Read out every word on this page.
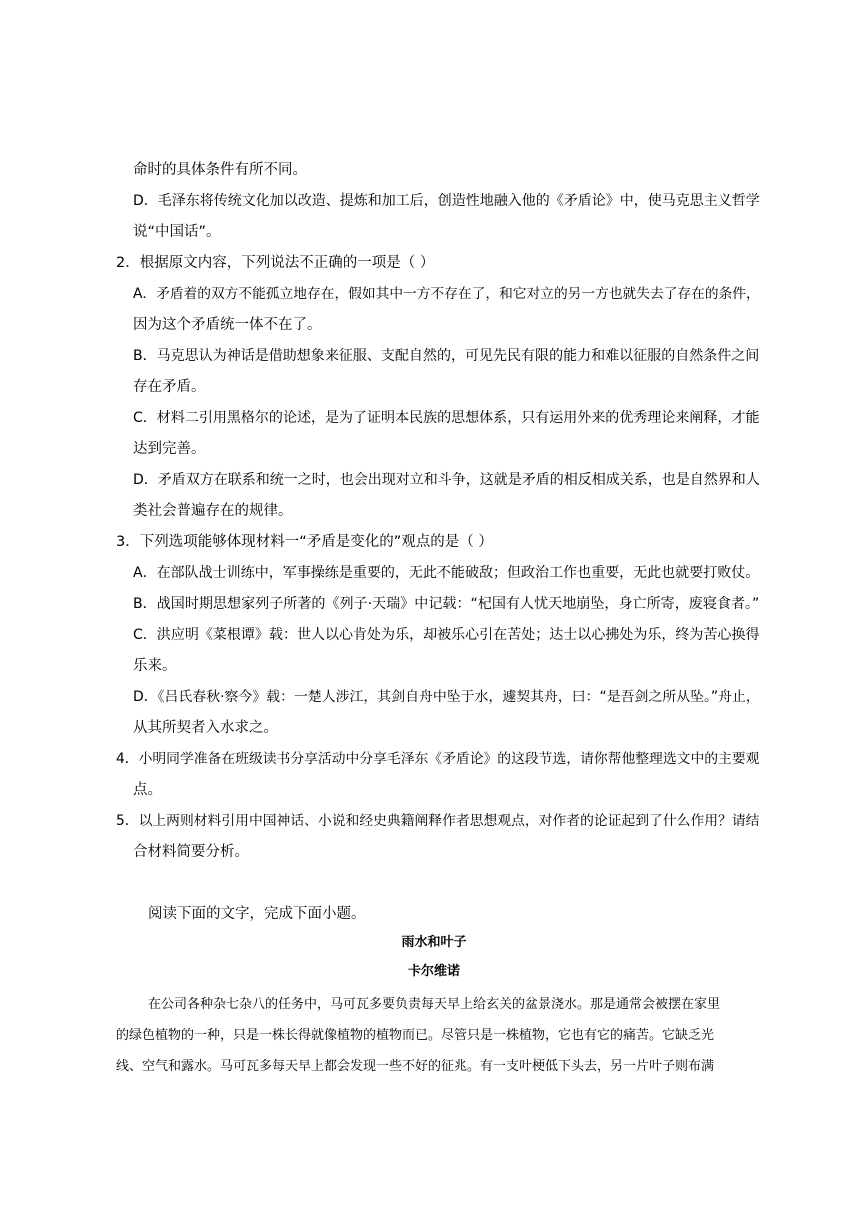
命时的具体条件有所不同。
D．毛泽东将传统文化加以改造、提炼和加工后，创造性地融入他的《矛盾论》中，使马克思主义哲学
说“中国话”。
2．根据原文内容，下列说法不正确的一项是（ ）
A．矛盾着的双方不能孤立地存在，假如其中一方不存在了，和它对立的另一方也就失去了存在的条件，
因为这个矛盾统一体不在了。
B．马克思认为神话是借助想象来征服、支配自然的，可见先民有限的能力和难以征服的自然条件之间
存在矛盾。
C．材料二引用黑格尔的论述，是为了证明本民族的思想体系，只有运用外来的优秀理论来阐释，才能
达到完善。
D．矛盾双方在联系和统一之时，也会出现对立和斗争，这就是矛盾的相反相成关系，也是自然界和人
类社会普遍存在的规律。
3．下列选项能够体现材料一“矛盾是变化的”观点的是（ ）
A．在部队战士训练中，军事操练是重要的，无此不能破敌；但政治工作也重要，无此也就要打败仗。
B．战国时期思想家列子所著的《列子·天瑞》中记载：“杞国有人忧天地崩坠，身亡所寄，废寝食者。”
C．洪应明《菜根谭》载：世人以心肯处为乐，却被乐心引在苦处；达士以心拂处为乐，终为苦心换得
乐来。
D．《吕氏春秋·察今》载：一楚人涉江，其剑自舟中坠于水，遽契其舟，曰：“是吾剑之所从坠。”舟止，
从其所契者入水求之。
4．小明同学准备在班级读书分享活动中分享毛泽东《矛盾论》的这段节选，请你帮他整理选文中的主要观
点。
5．以上两则材料引用中国神话、小说和经史典籍阐释作者思想观点，对作者的论证起到了什么作用？请结
合材料简要分析。
阅读下面的文字，完成下面小题。
雨水和叶子
卡尔维诺
在公司各种杂七杂八的任务中，马可瓦多要负责每天早上给玄关的盆景浇水。那是通常会被摆在家里
的绿色植物的一种，只是一株长得就像植物的植物而已。尽管只是一株植物，它也有它的痛苦。它缺乏光
线、空气和露水。马可瓦多每天早上都会发现一些不好的征兆。有一支叶梗低下头去，另一片叶子则布满
